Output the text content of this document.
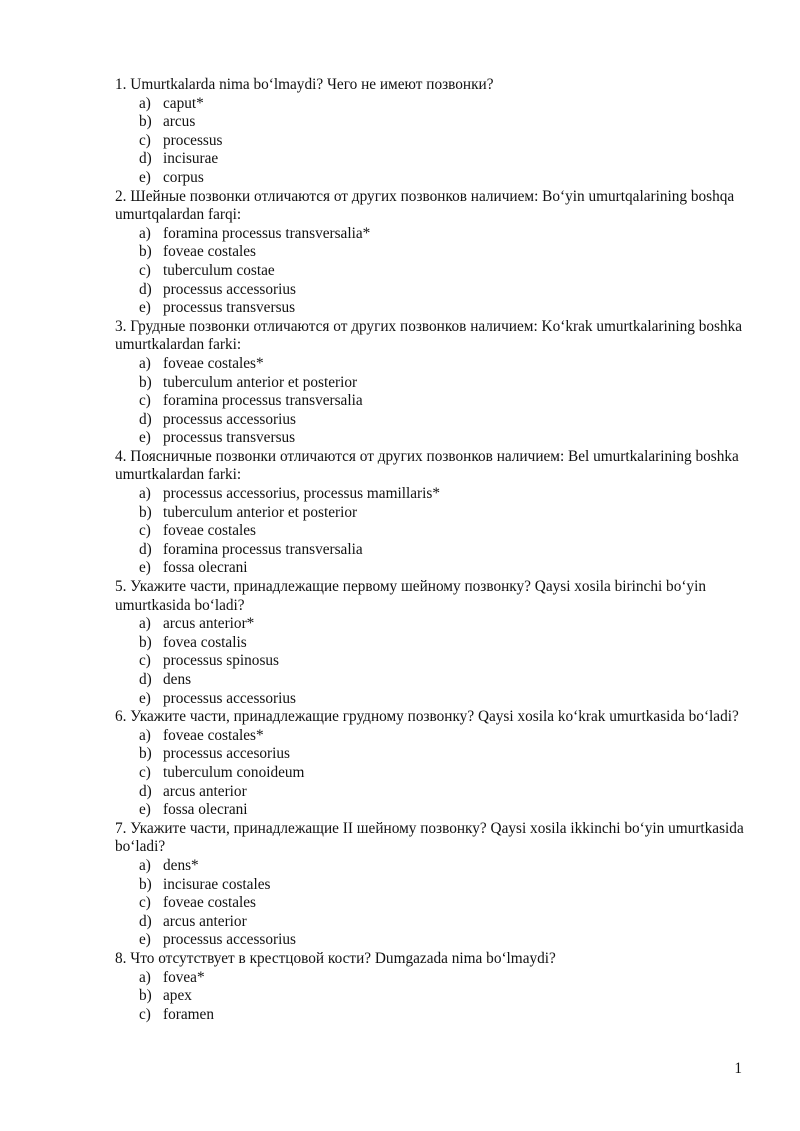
1. Umurtkalarda nima bo‘lmaydi? Чего не имеют позвонки?

a) caput*
b) arcus
c) processus
d) incisurae
e) corpus

2. Шейные позвонки отличаются от других позвонков наличием: Bo‘yin umurtqalarining boshqa umurtqalardan farqi:

a) foramina processus transversalia*
b) foveae costales
c) tuberculum costae
d) processus accessorius
e) processus transversus

3. Грудные позвонки отличаются от других позвонков наличием: Ko‘krak umurtkalarining boshka umurtkalardan farki:

a) foveae costales*
b) tuberculum anterior et posterior
c) foramina processus transversalia
d) processus accessorius
e) processus transversus

4. Поясничные позвонки отличаются от других позвонков наличием: Bel umurtkalarining boshka umurtkalardan farki:

a) processus accessorius, processus mamillaris*
b) tuberculum anterior et posterior
c) foveae costales
d) foramina processus transversalia
e) fossa olecrani

5. Укажите части, принадлежащие первому шейному позвонку? Qaysi xosila birinchi bo‘yin umurtkasida bo‘ladi?

a) arcus anterior*
b) fovea costalis
c) processus spinosus
d) dens
e) processus accessorius

6. Укажите части, принадлежащие грудному позвонку? Qaysi xosila ko‘krak umurtkasida bo‘ladi?

a) foveae costales*
b) processus accesorius
c) tuberculum conoideum
d) arcus anterior
e) fossa olecrani

7. Укажите части, принадлежащие II шейному позвонку? Qaysi xosila ikkinchi bo‘yin umurtkasida bo‘ladi?

a) dens*
b) incisurae costales
c) foveae costales
d) arcus anterior
e) processus accessorius

8. Что отсутствует в крестцовой кости? Dumgazada nima bo‘lmaydi?

a) fovea*
b) apex
c) foramen
1
